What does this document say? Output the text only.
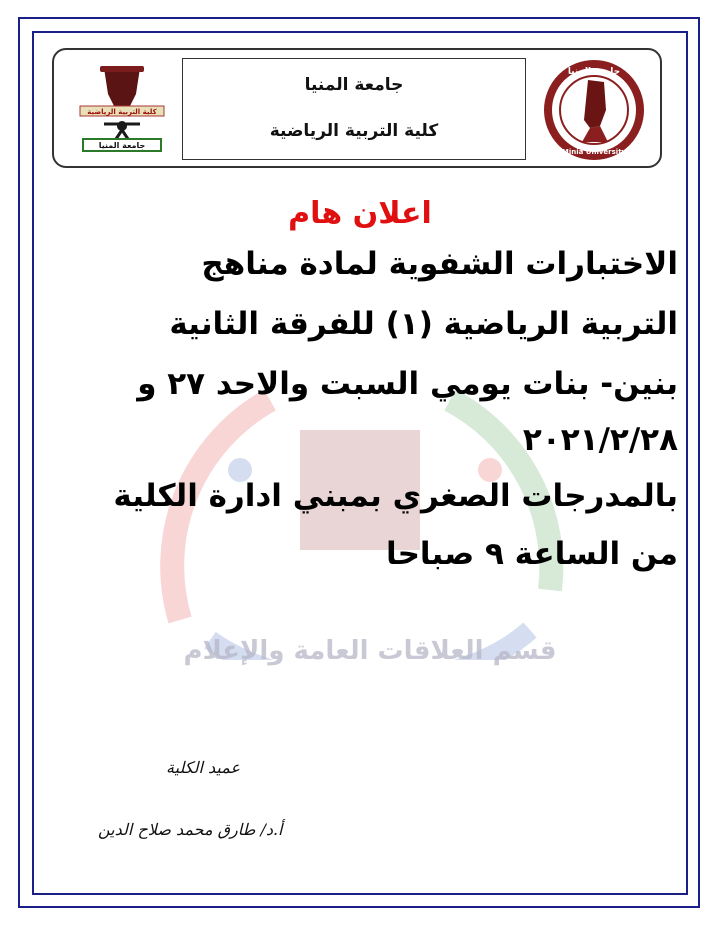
قسم العلاقات العامة والإعلام
كلية التربية الرياضية
جامعة المنيا
جامعة المنيا
Minia University
جامعة المنيا
كلية التربية الرياضية
اعلان هام
الاختبارات الشفوية لمادة مناهج
التربية الرياضية (١) للفرقة الثانية
بنين- بنات يومي السبت والاحد ٢٧ و
٢٠٢١/٢/٢٨
بالمدرجات الصغري بمبني ادارة الكلية
من الساعة ٩ صباحا
عميد الكلية
أ.د/ طارق محمد صلاح الدين
